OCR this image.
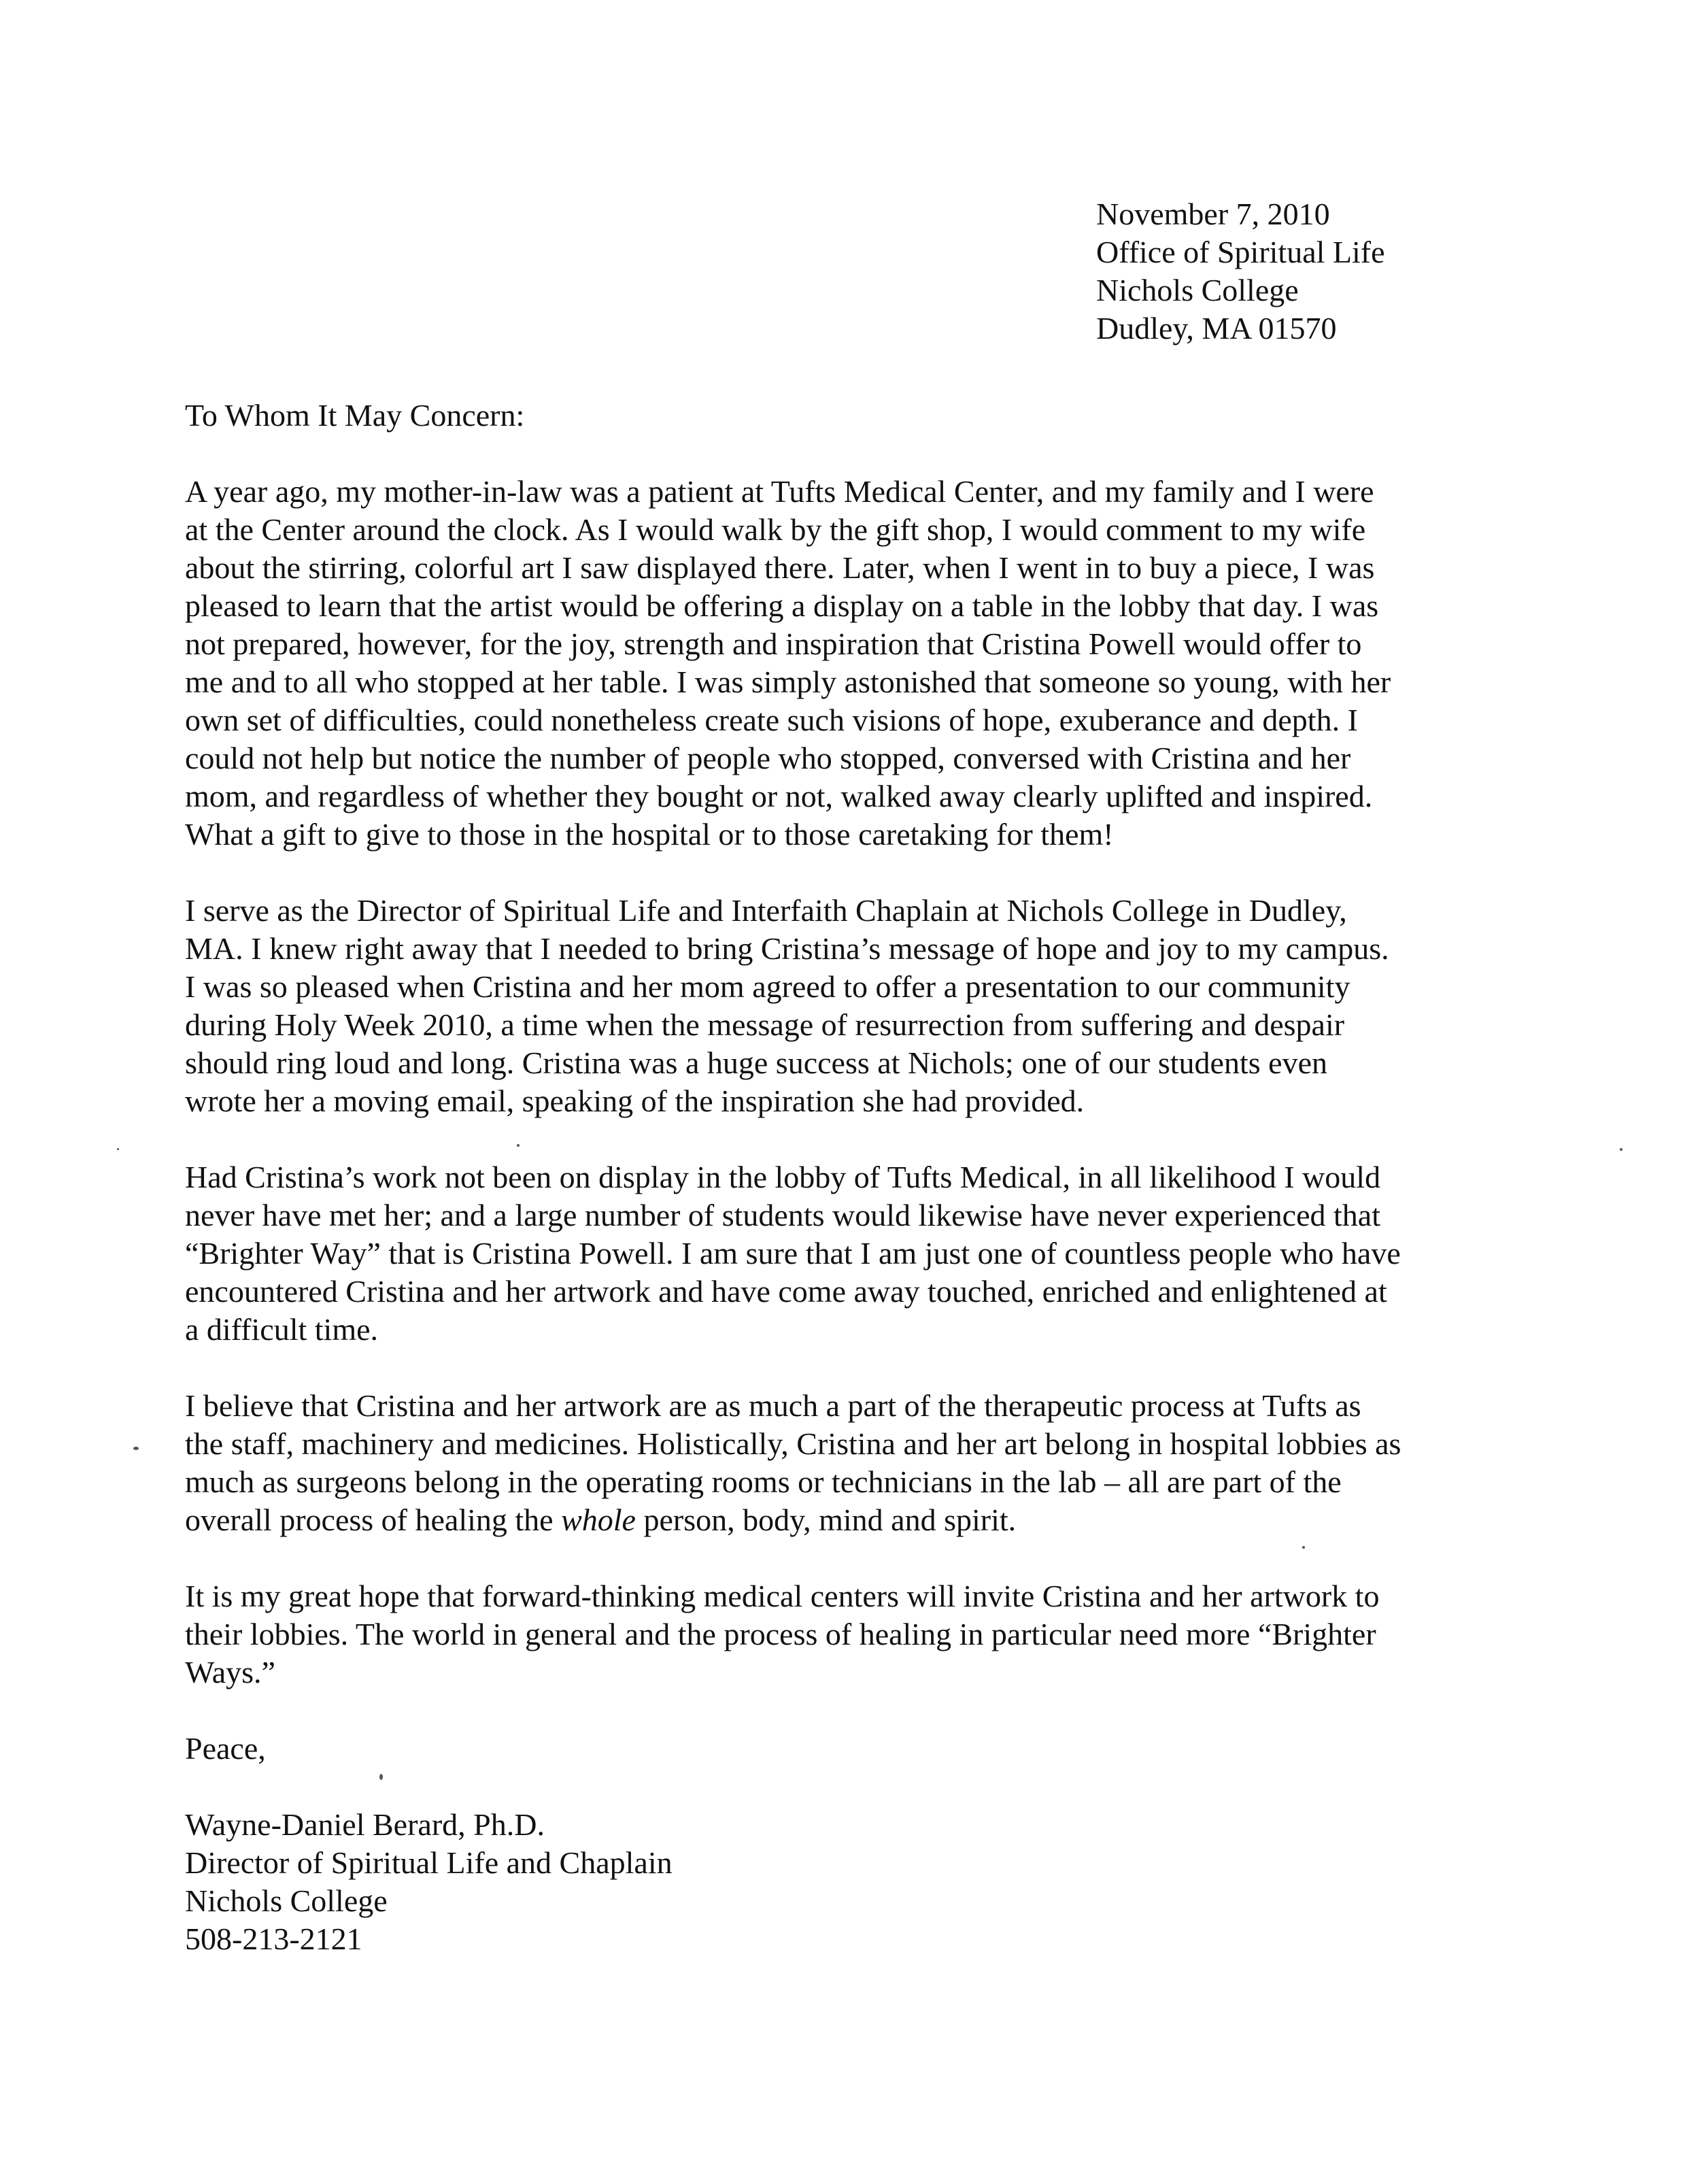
November 7, 2010
Office of Spiritual Life
Nichols College
Dudley, MA 01570
To Whom It May Concern:
A year ago, my mother-in-law was a patient at Tufts Medical Center, and my family and I were
at the Center around the clock. As I would walk by the gift shop, I would comment to my wife
about the stirring, colorful art I saw displayed there. Later, when I went in to buy a piece, I was
pleased to learn that the artist would be offering a display on a table in the lobby that day. I was
not prepared, however, for the joy, strength and inspiration that Cristina Powell would offer to
me and to all who stopped at her table. I was simply astonished that someone so young, with her
own set of difficulties, could nonetheless create such visions of hope, exuberance and depth. I
could not help but notice the number of people who stopped, conversed with Cristina and her
mom, and regardless of whether they bought or not, walked away clearly uplifted and inspired.
What a gift to give to those in the hospital or to those caretaking for them!
I serve as the Director of Spiritual Life and Interfaith Chaplain at Nichols College in Dudley,
MA. I knew right away that I needed to bring Cristina’s message of hope and joy to my campus.
I was so pleased when Cristina and her mom agreed to offer a presentation to our community
during Holy Week 2010, a time when the message of resurrection from suffering and despair
should ring loud and long. Cristina was a huge success at Nichols; one of our students even
wrote her a moving email, speaking of the inspiration she had provided.
Had Cristina’s work not been on display in the lobby of Tufts Medical, in all likelihood I would
never have met her; and a large number of students would likewise have never experienced that
“Brighter Way” that is Cristina Powell. I am sure that I am just one of countless people who have
encountered Cristina and her artwork and have come away touched, enriched and enlightened at
a difficult time.
I believe that Cristina and her artwork are as much a part of the therapeutic process at Tufts as
the staff, machinery and medicines. Holistically, Cristina and her art belong in hospital lobbies as
much as surgeons belong in the operating rooms or technicians in the lab – all are part of the
overall process of healing the whole person, body, mind and spirit.
It is my great hope that forward-thinking medical centers will invite Cristina and her artwork to
their lobbies. The world in general and the process of healing in particular need more “Brighter
Ways.”
Peace,
Wayne-Daniel Berard, Ph.D.
Director of Spiritual Life and Chaplain
Nichols College
508-213-2121
